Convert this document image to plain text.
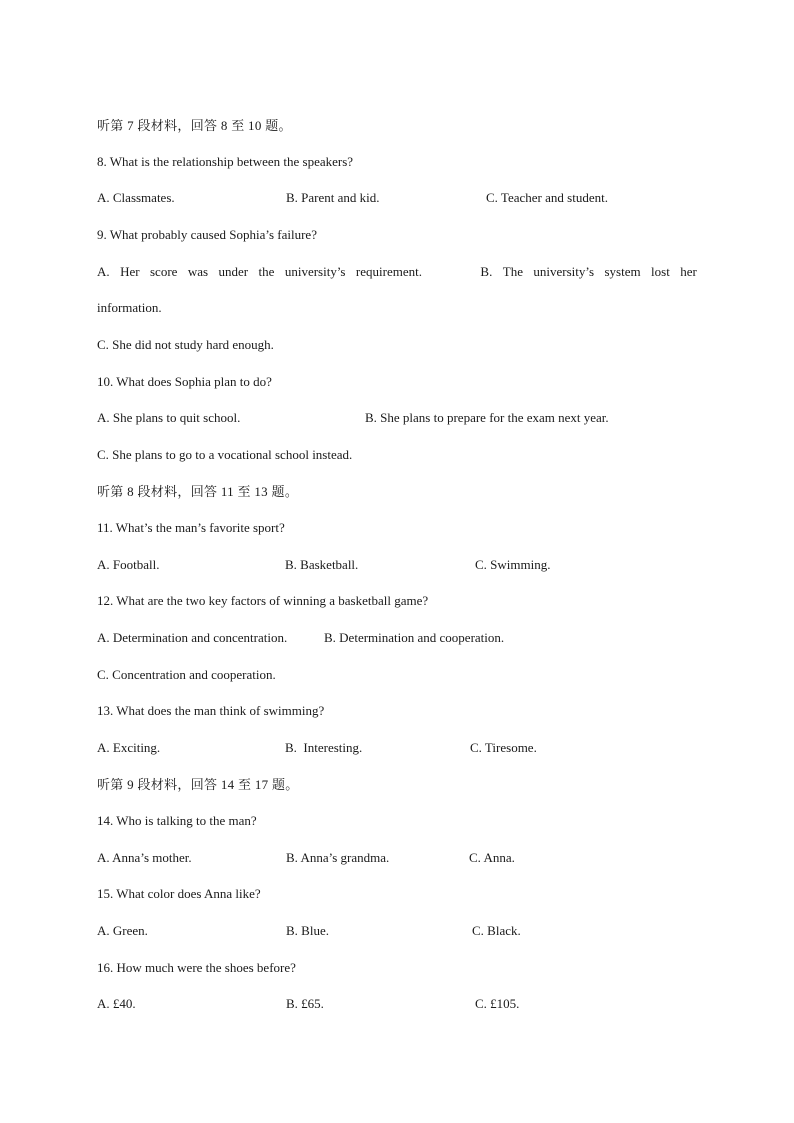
听第 7 段材料，回答 8 至 10 题。
8. What is the relationship between the speakers?
A. Classmates.	B. Parent and kid.	C. Teacher and student.
9. What probably caused Sophia’s failure?
A. Her score was under the university’s requirement.	B. The university’s system lost her
information.
C. She did not study hard enough.
10. What does Sophia plan to do?
A. She plans to quit school.	B. She plans to prepare for the exam next year.
C. She plans to go to a vocational school instead.
听第 8 段材料，回答 11 至 13 题。
11. What’s the man’s favorite sport?
A. Football.	B. Basketball.	C. Swimming.
12. What are the two key factors of winning a basketball game?
A. Determination and concentration.	B. Determination and cooperation.
C. Concentration and cooperation.
13. What does the man think of swimming?
A. Exciting.	B.  Interesting.	C. Tiresome.
听第 9 段材料，回答 14 至 17 题。
14. Who is talking to the man?
A. Anna’s mother.	B. Anna’s grandma.	C. Anna.
15. What color does Anna like?
A. Green.	B. Blue.	C. Black.
16. How much were the shoes before?
A. £40.	B. £65.	C. £105.
